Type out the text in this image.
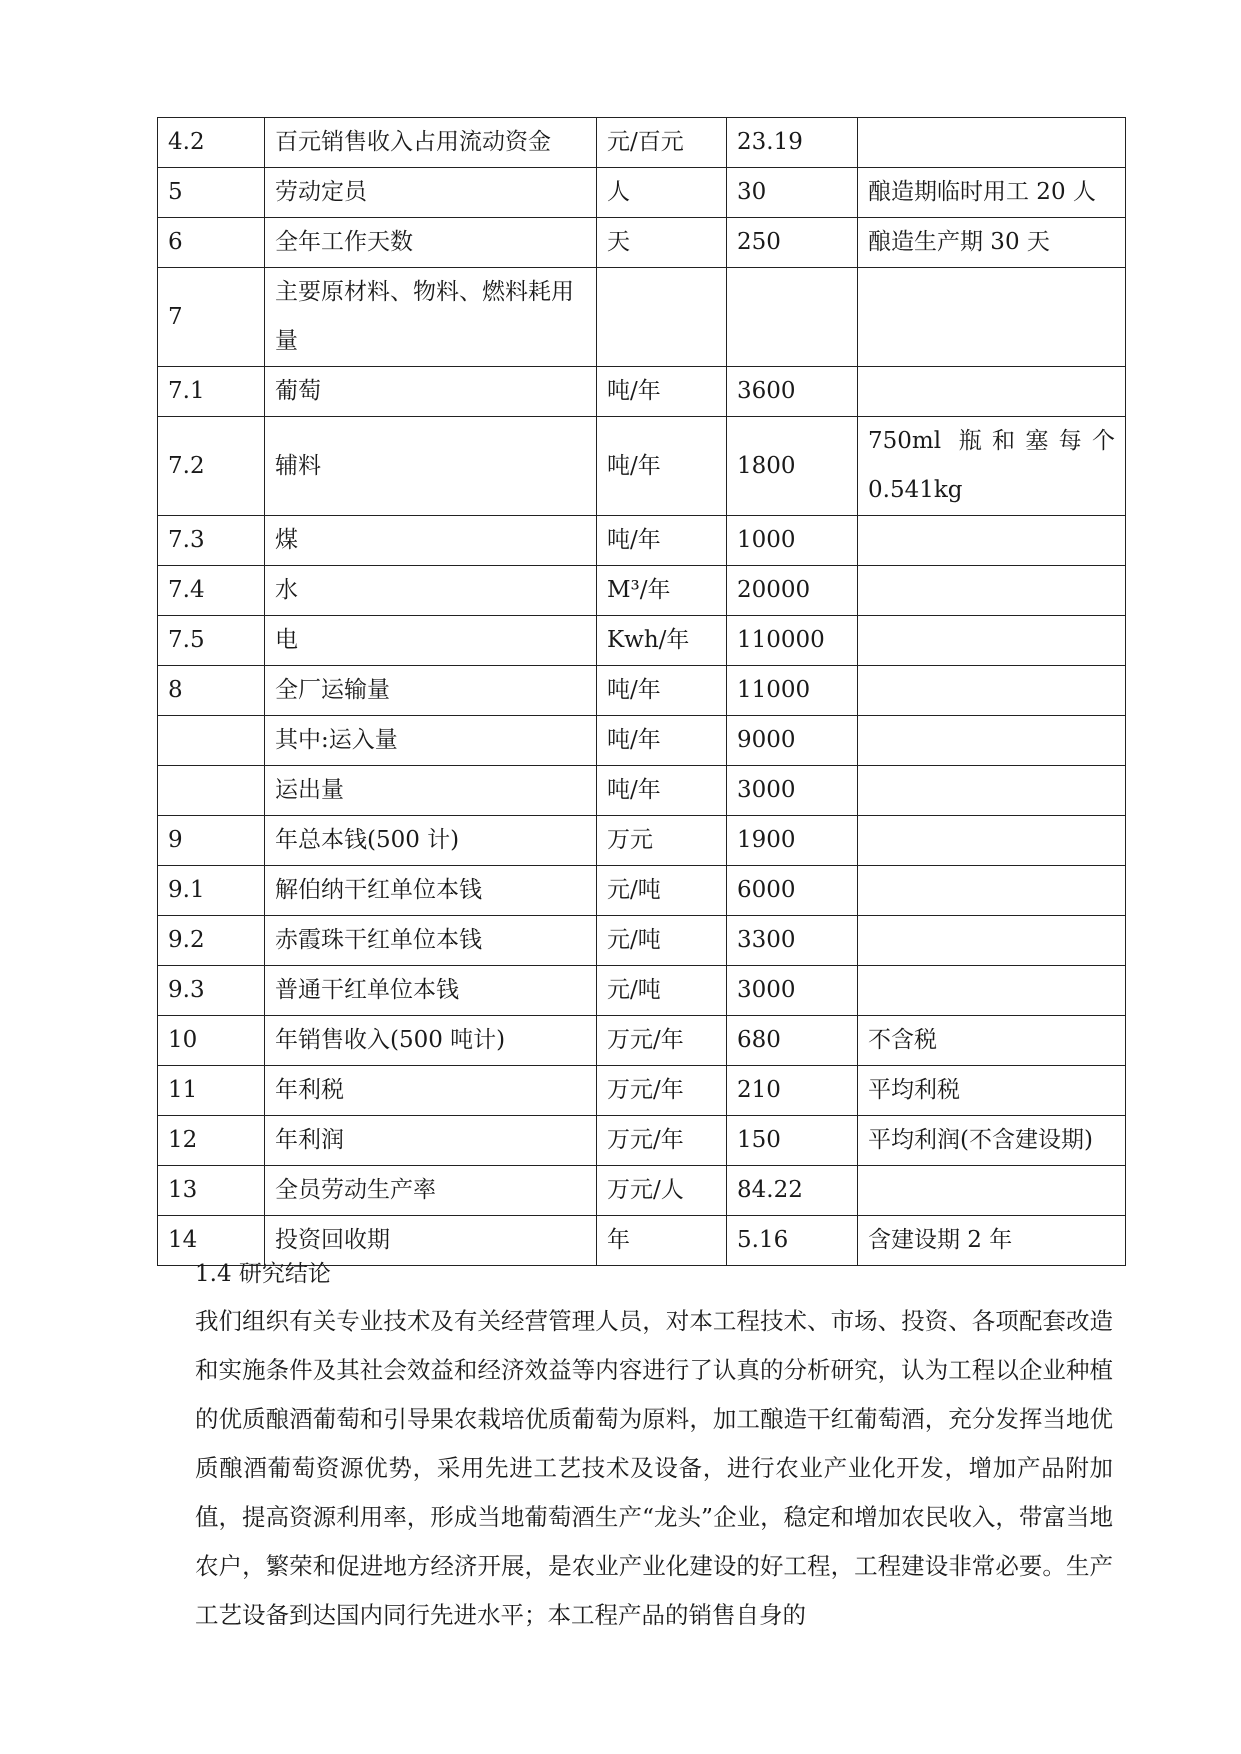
4.2	百元销售收入占用流动资金	元/百元	23.19	
5	劳动定员	人	30	酿造期临时用工 20 人
6	全年工作天数	天	250	酿造生产期 30 天
7	主要原材料、物料、燃料耗用量			
7.1	葡萄	吨/年	3600	
7.2	辅料	吨/年	1800	750ml 瓶和塞每个0.541kg
7.3	煤	吨/年	1000	
7.4	水	M³/年	20000	
7.5	电	Kwh/年	110000	
8	全厂运输量	吨/年	11000	
	其中:运入量	吨/年	9000	
	运出量	吨/年	3000	
9	年总本钱(500 计)	万元	1900	
9.1	解伯纳干红单位本钱	元/吨	6000	
9.2	赤霞珠干红单位本钱	元/吨	3300	
9.3	普通干红单位本钱	元/吨	3000	
10	年销售收入(500 吨计)	万元/年	680	不含税
11	年利税	万元/年	210	平均利税
12	年利润	万元/年	150	平均利润(不含建设期)
13	全员劳动生产率	万元/人	84.22	
14	投资回收期	年	5.16	含建设期 2 年
1.4 研究结论

我们组织有关专业技术及有关经营管理人员，对本工程技术、市场、投资、各项配套改造和实施条件及其社会效益和经济效益等内容进行了认真的分析研究，认为工程以企业种植的优质酿酒葡萄和引导果农栽培优质葡萄为原料，加工酿造干红葡萄酒，充分发挥当地优质酿酒葡萄资源优势，采用先进工艺技术及设备，进行农业产业化开发，增加产品附加值，提高资源利用率，形成当地葡萄酒生产“龙头”企业，稳定和增加农民收入，带富当地农户，繁荣和促进地方经济开展，是农业产业化建设的好工程，工程建设非常必要。生产工艺设备到达国内同行先进水平；本工程产品的销售自身的
